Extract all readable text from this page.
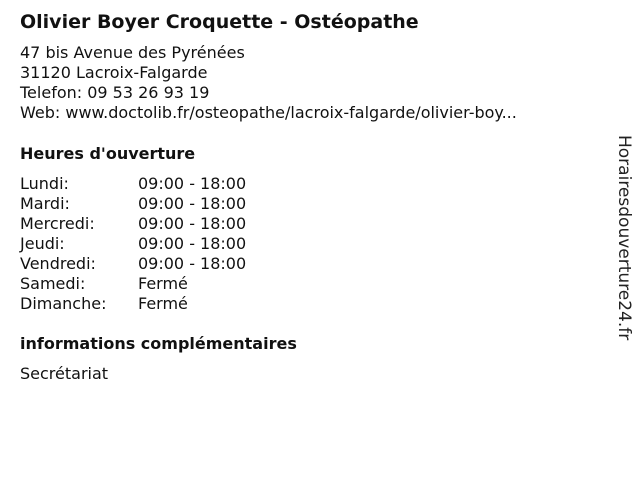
Olivier Boyer Croquette - Ostéopathe
47 bis Avenue des Pyrénées
31120 Lacroix-Falgarde
Telefon: 09 53 26 93 19
Web: www.doctolib.fr/osteopathe/lacroix-falgarde/olivier-boy...
Heures d'ouverture
Lundi:	09:00 - 18:00
Mardi:	09:00 - 18:00
Mercredi:	09:00 - 18:00
Jeudi:	09:00 - 18:00
Vendredi:	09:00 - 18:00
Samedi:	Fermé
Dimanche: Fermé
informations complémentaires
Secrétariat
Horairesdouverture24.fr
